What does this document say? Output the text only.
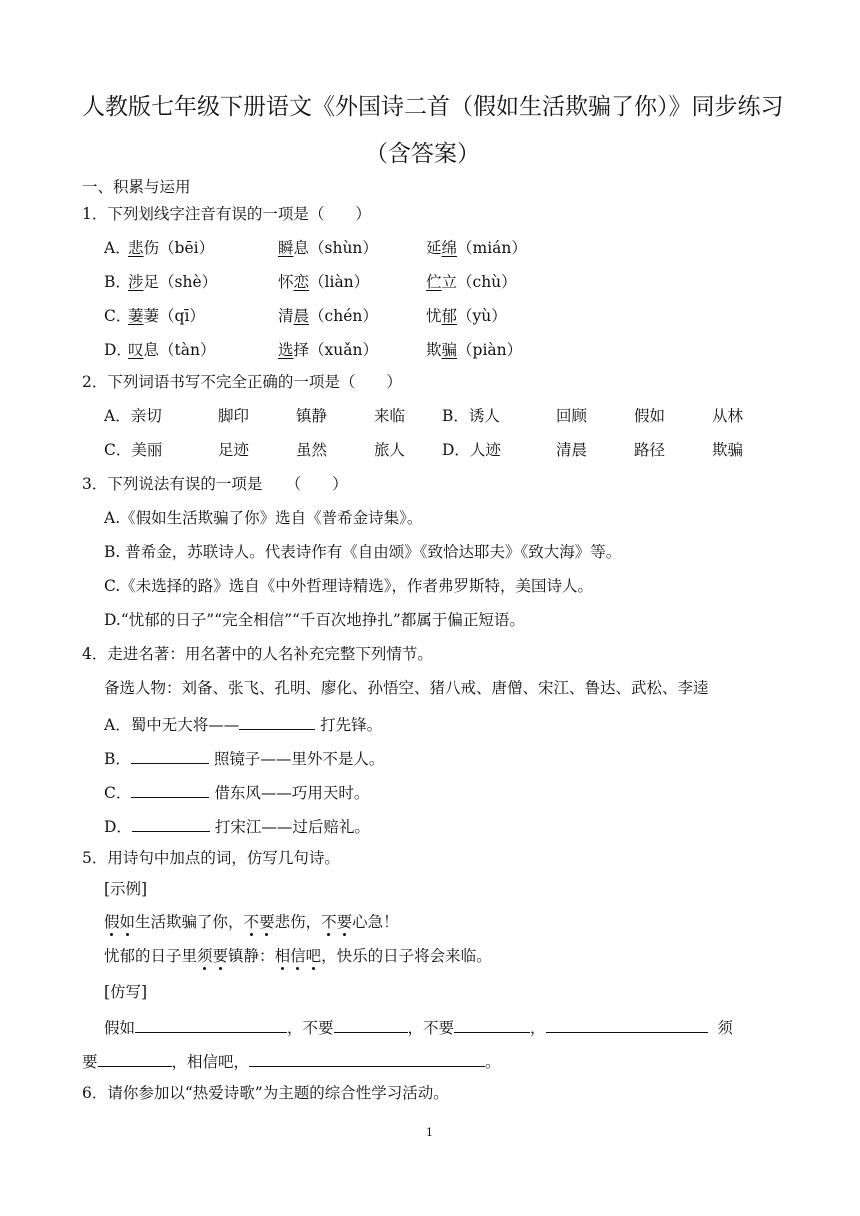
人教版七年级下册语文《外国诗二首（假如生活欺骗了你）》同步练习
（含答案）
一、积累与运用
1．下列划线字注音有误的一项是（　　）
A．
悲伤（bēi）	瞬息（shùn）	延绵（mián）
B．
涉足（shè）	怀恋（liàn）	伫立（chù）
C．
萋萋（qī）	清晨（chén）	忧郁（yù）
D．
叹息（tàn）	选择（xuǎn）	欺骗（piàn）
2．下列词语书写不完全正确的一项是（　　）
A．亲切	脚印	镇静	来临 B．诱人	回顾	假如	从林
C．美丽	足迹	虽然	旅人 D．人迹	清晨	路径	欺骗
3．下列说法有误的一项是　　（　　）
A.《假如生活欺骗了你》选自《普希金诗集》。
B. 普希金，苏联诗人。代表诗作有《自由颂》《致恰达耶夫》《致大海》等。
C.《未选择的路》选自《中外哲理诗精选》，作者弗罗斯特，美国诗人。
D.“忧郁的日子”“完全相信”“千百次地挣扎”都属于偏正短语。
4．走进名著：用名著中的人名补充完整下列情节。
备选人物：刘备、张飞、孔明、廖化、孙悟空、猪八戒、唐僧、宋江、鲁达、武松、李逵
A．蜀中无大将——	打先锋。
B．	照镜子——里外不是人。
C．	借东风——巧用天时。
D．	打宋江——过后赔礼。
5．用诗句中加点的词，仿写几句诗。
[示例]
假如生活欺骗了你，不要悲伤，不要心急！
忧郁的日子里须要镇静：相信吧，快乐的日子将会来临。
[仿写]
假如	，不要	，不要	，	须
要	，相信吧，	。
6．请你参加以“热爱诗歌”为主题的综合性学习活动。
1
